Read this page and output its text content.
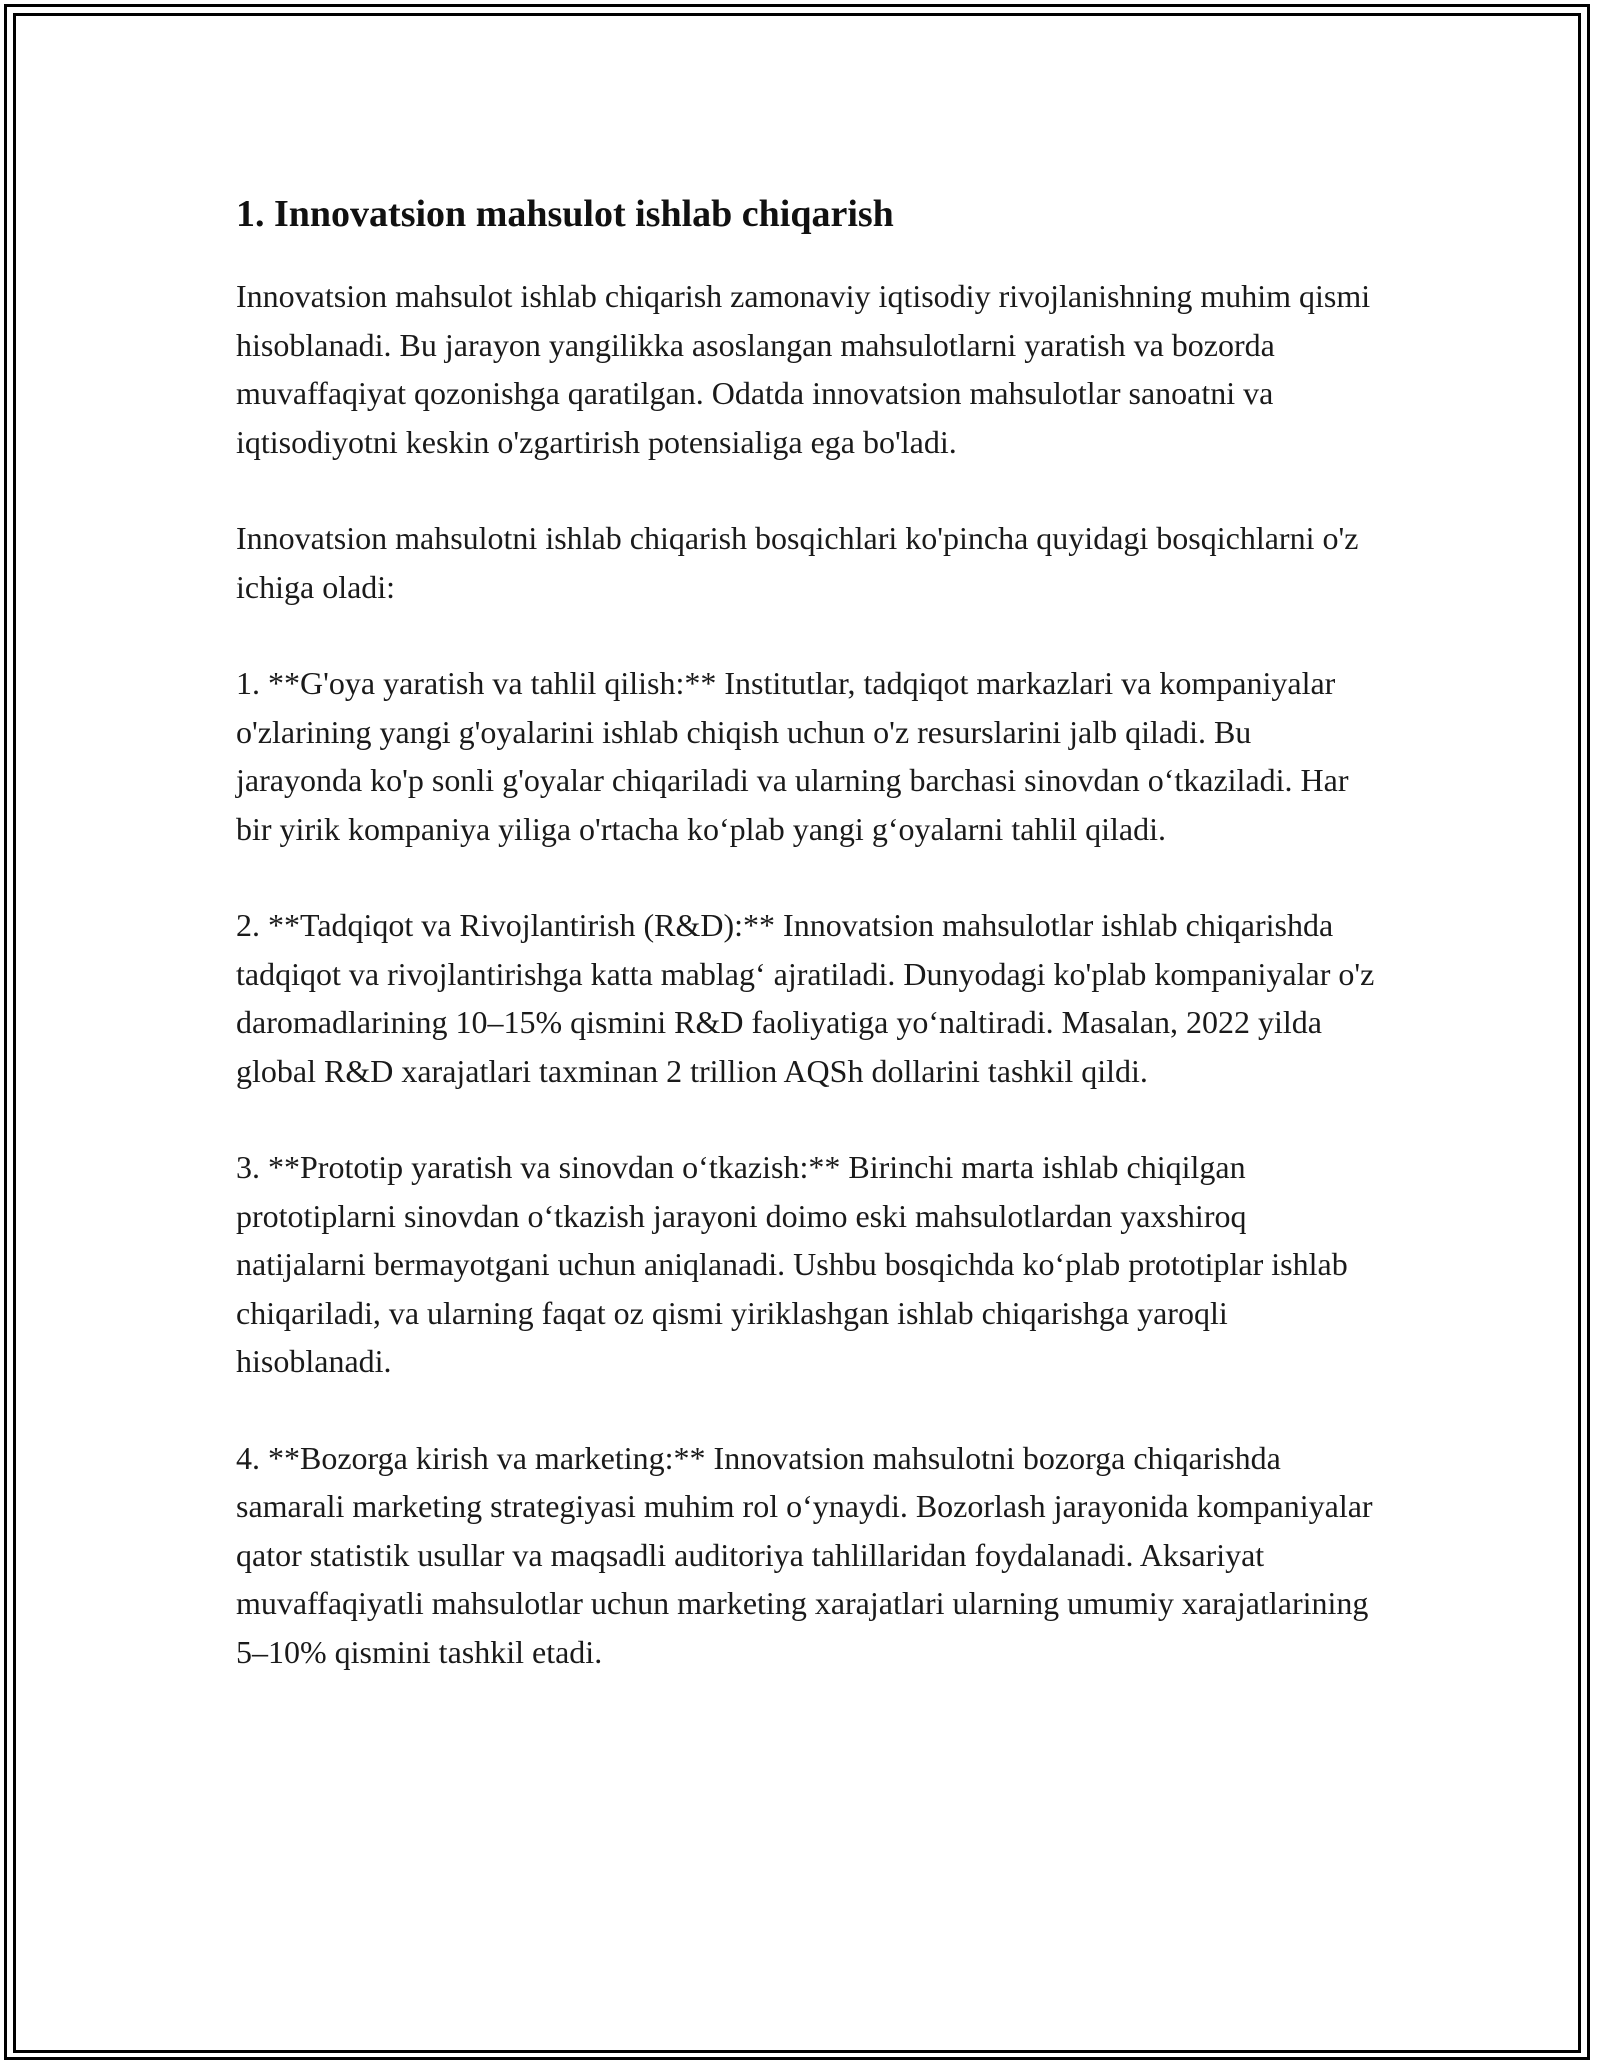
1. Innovatsion mahsulot ishlab chiqarish

Innovatsion mahsulot ishlab chiqarish zamonaviy iqtisodiy rivojlanishning muhim qismi hisoblanadi. Bu jarayon yangilikka asoslangan mahsulotlarni yaratish va bozorda muvaffaqiyat qozonishga qaratilgan. Odatda innovatsion mahsulotlar sanoatni va iqtisodiyotni keskin o'zgartirish potensialiga ega bo'ladi.

Innovatsion mahsulotni ishlab chiqarish bosqichlari ko'pincha quyidagi bosqichlarni o'z ichiga oladi:

1. **G'oya yaratish va tahlil qilish:** Institutlar, tadqiqot markazlari va kompaniyalar o'zlarining yangi g'oyalarini ishlab chiqish uchun o'z resurslarini jalb qiladi. Bu jarayonda ko'p sonli g'oyalar chiqariladi va ularning barchasi sinovdan o‘tkaziladi. Har bir yirik kompaniya yiliga o'rtacha ko‘plab yangi g‘oyalarni tahlil qiladi.

2. **Tadqiqot va Rivojlantirish (R&D):** Innovatsion mahsulotlar ishlab chiqarishda tadqiqot va rivojlantirishga katta mablag‘ ajratiladi. Dunyodagi ko'plab kompaniyalar o'z daromadlarining 10–15% qismini R&D faoliyatiga yo‘naltiradi. Masalan, 2022 yilda global R&D xarajatlari taxminan 2 trillion AQSh dollarini tashkil qildi.

3. **Prototip yaratish va sinovdan o‘tkazish:** Birinchi marta ishlab chiqilgan prototiplarni sinovdan o‘tkazish jarayoni doimo eski mahsulotlardan yaxshiroq natijalarni bermayotgani uchun aniqlanadi. Ushbu bosqichda ko‘plab prototiplar ishlab chiqariladi, va ularning faqat oz qismi yiriklashgan ishlab chiqarishga yaroqli hisoblanadi.

4. **Bozorga kirish va marketing:** Innovatsion mahsulotni bozorga chiqarishda samarali marketing strategiyasi muhim rol o‘ynaydi. Bozorlash jarayonida kompaniyalar qator statistik usullar va maqsadli auditoriya tahlillaridan foydalanadi. Aksariyat muvaffaqiyatli mahsulotlar uchun marketing xarajatlari ularning umumiy xarajatlarining 5–10% qismini tashkil etadi.
